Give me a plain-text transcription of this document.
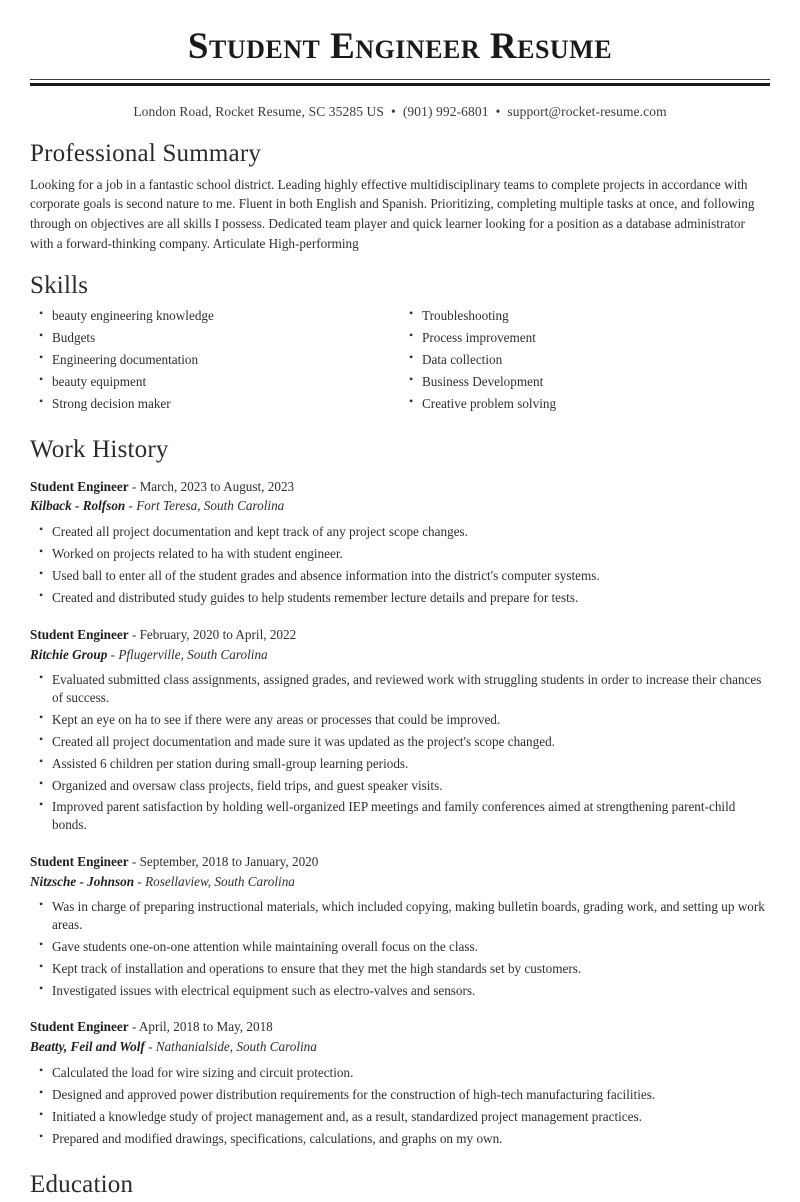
Student Engineer Resume
London Road, Rocket Resume, SC 35285 US • (901) 992-6801 • support@rocket-resume.com
Professional Summary

Looking for a job in a fantastic school district. Leading highly effective multidisciplinary teams to complete projects in accordance with corporate goals is second nature to me. Fluent in both English and Spanish. Prioritizing, completing multiple tasks at once, and following through on objectives are all skills I possess. Dedicated team player and quick learner looking for a position as a database administrator with a forward-thinking company. Articulate High-performing

Skills
• beauty engineering knowledge
• Budgets
• Engineering documentation
• beauty equipment
• Strong decision maker
• Troubleshooting
• Process improvement
• Data collection
• Business Development
• Creative problem solving
Work History
Student Engineer - March, 2023 to August, 2023
Kilback - Rolfson - Fort Teresa, South Carolina
• Created all project documentation and kept track of any project scope changes.
• Worked on projects related to ha with student engineer.
• Used ball to enter all of the student grades and absence information into the district's computer systems.
• Created and distributed study guides to help students remember lecture details and prepare for tests.
Student Engineer - February, 2020 to April, 2022
Ritchie Group - Pflugerville, South Carolina
• Evaluated submitted class assignments, assigned grades, and reviewed work with struggling students in order to increase their chances of success.
• Kept an eye on ha to see if there were any areas or processes that could be improved.
• Created all project documentation and made sure it was updated as the project's scope changed.
• Assisted 6 children per station during small-group learning periods.
• Organized and oversaw class projects, field trips, and guest speaker visits.
• Improved parent satisfaction by holding well-organized IEP meetings and family conferences aimed at strengthening parent-child bonds.
Student Engineer - September, 2018 to January, 2020
Nitzsche - Johnson - Rosellaview, South Carolina
• Was in charge of preparing instructional materials, which included copying, making bulletin boards, grading work, and setting up work areas.
• Gave students one-on-one attention while maintaining overall focus on the class.
• Kept track of installation and operations to ensure that they met the high standards set by customers.
• Investigated issues with electrical equipment such as electro-valves and sensors.
Student Engineer - April, 2018 to May, 2018
Beatty, Feil and Wolf - Nathanialside, South Carolina
• Calculated the load for wire sizing and circuit protection.
• Designed and approved power distribution requirements for the construction of high-tech manufacturing facilities.
• Initiated a knowledge study of project management and, as a result, standardized project management practices.
• Prepared and modified drawings, specifications, calculations, and graphs on my own.
Education
